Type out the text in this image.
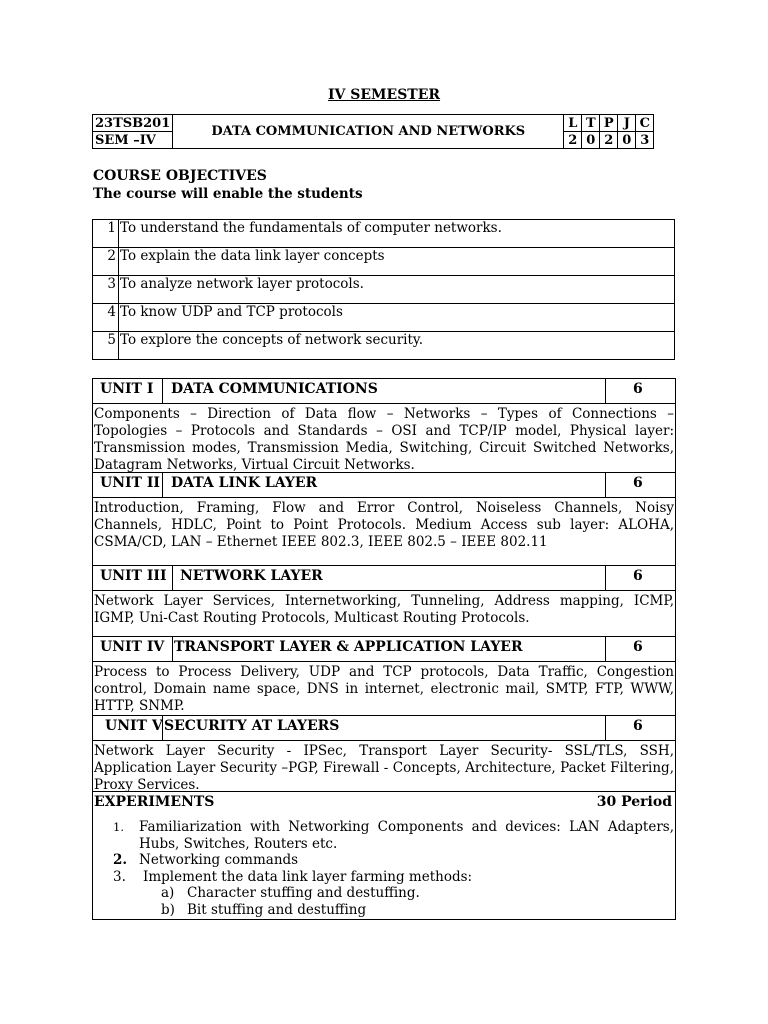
IV SEMESTER
23TSB201	DATA COMMUNICATION AND NETWORKS	L	T	P	J	C
SEM –IV		2	0	2	0	3
COURSE OBJECTIVES
The course will enable the students
1	To understand the fundamentals of computer networks.
2	To explain the data link layer concepts
3	To analyze network layer protocols.
4	To know UDP and TCP protocols
5	To explore the concepts of network security.
UNIT I DATA COMMUNICATIONS	6
Components – Direction of Data flow – Networks – Types of Connections – Topologies – Protocols and Standards – OSI and TCP/IP model, Physical layer: Transmission modes, Transmission Media, Switching, Circuit Switched Networks, Datagram Networks, Virtual Circuit Networks.
UNIT II DATA LINK LAYER	6
Introduction, Framing, Flow and Error Control, Noiseless Channels, Noisy Channels, HDLC, Point to Point Protocols. Medium Access sub layer: ALOHA, CSMA/CD, LAN – Ethernet IEEE 802.3, IEEE 802.5 – IEEE 802.11
UNIT III NETWORK LAYER	6
Network Layer Services, Internetworking, Tunneling, Address mapping, ICMP, IGMP, Uni-Cast Routing Protocols, Multicast Routing Protocols.
UNIT IV TRANSPORT LAYER & APPLICATION LAYER	6
Process to Process Delivery, UDP and TCP protocols, Data Traffic, Congestion control, Domain name space, DNS in internet, electronic mail, SMTP, FTP, WWW, HTTP, SNMP.
UNIT V SECURITY AT LAYERS	6
Network Layer Security - IPSec, Transport Layer Security- SSL/TLS, SSH, Application Layer Security –PGP, Firewall - Concepts, Architecture, Packet Filtering, Proxy Services.
EXPERIMENTS	30 Period
1. Familiarization with Networking Components and devices: LAN Adapters, Hubs, Switches, Routers etc.
2. Networking commands
3. Implement the data link layer farming methods:
a) Character stuffing and destuffing.
b) Bit stuffing and destuffing
